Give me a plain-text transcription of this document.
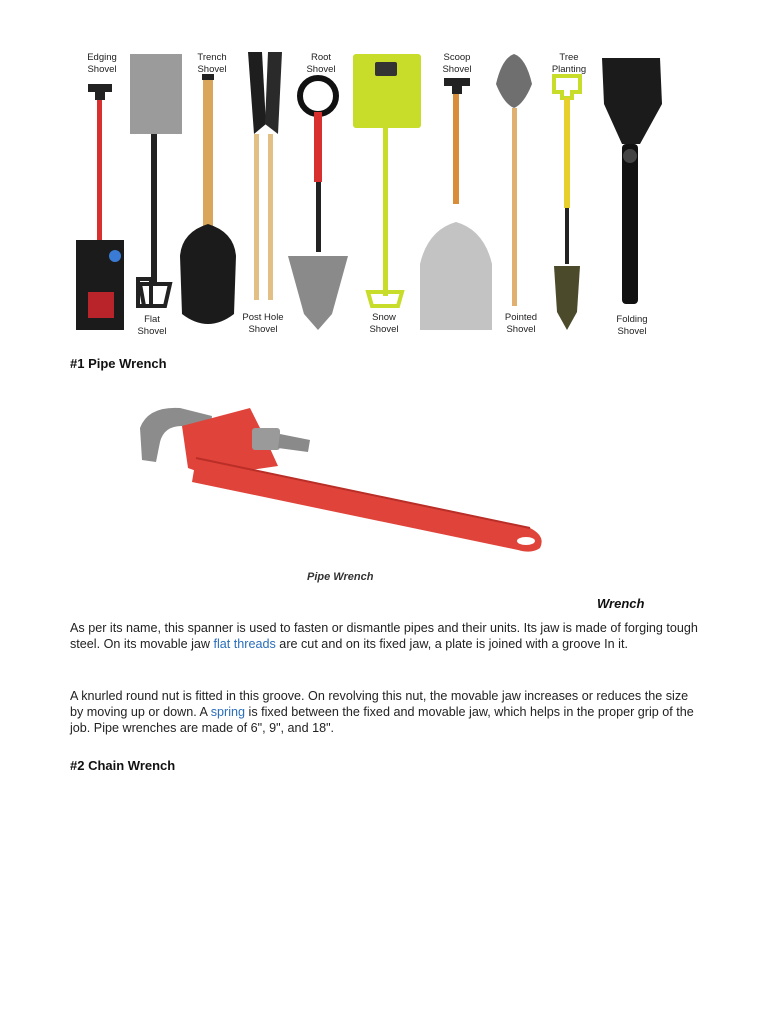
Edging Shovel
Flat Shovel
Trench Shovel
Post Hole Shovel
Root Shovel
Snow Shovel
Scoop Shovel
Pointed Shovel
Tree Planting
Folding Shovel
#1 Pipe Wrench
Pipe Wrench
Wrench

As per its name, this spanner is used to fasten or dismantle pipes and their units. Its jaw is made of forging tough steel. On its movable jaw flat threads are cut and on its fixed jaw, a plate is joined with a groove In it.

A knurled round nut is fitted in this groove. On revolving this nut, the movable jaw increases or reduces the size by moving up or down. A spring is fixed between the fixed and movable jaw, which helps in the proper grip of the job. Pipe wrenches are made of 6", 9", and 18".

#2 Chain Wrench
